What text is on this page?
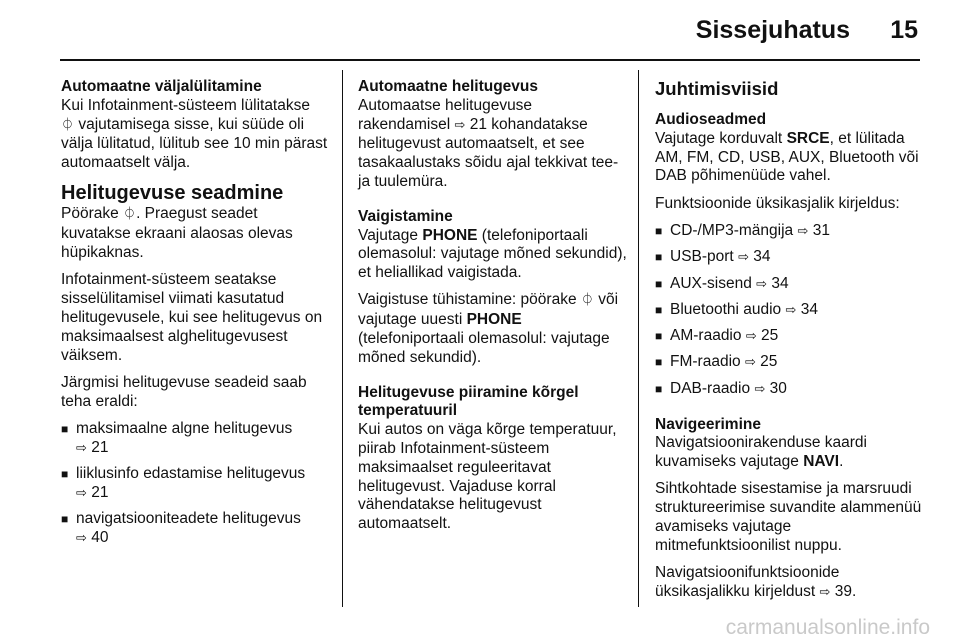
Sissejuhatus 15

Automaatne väljalülitamine

Kui Infotainment-süsteem lülitatakse
⏀ vajutamisega sisse, kui süüde oli välja lülitatud, lülitub see 10 min pärast automaatselt välja.

Helitugevuse seadmine

Pöörake ⏀. Praegust seadet kuvatakse ekraani alaosas olevas hüpikaknas.

Infotainment-süsteem seatakse sisselülitamisel viimati kasutatud helitugevusele, kui see helitugevus on maksimaalsest alghelitugevusest väiksem.

Järgmisi helitugevuse seadeid saab teha eraldi:

■ maksimaalne algne helitugevus
⇨ 21
■ liiklusinfo edastamise helitugevus
⇨ 21
■ navigatsiooniteadete helitugevus
⇨ 40

Automaatne helitugevus

Automaatse helitugevuse rakendamisel ⇨ 21 kohandatakse helitugevust automaatselt, et see tasakaalustaks sõidu ajal tekkivat tee- ja tuulemüra.

Vaigistamine

Vajutage PHONE (telefoniportaali olemasolul: vajutage mõned sekundid), et heliallikad vaigistada.

Vaigistuse tühistamine: pöörake ⏀ või vajutage uuesti PHONE (telefoniportaali olemasolul: vajutage mõned sekundid).

Helitugevuse piiramine kõrgel temperatuuril

Kui autos on väga kõrge temperatuur, piirab Infotainment-süsteem maksimaalset reguleeritavat helitugevust. Vajaduse korral vähendatakse helitugevust automaatselt.

Juhtimisviisid

Audioseadmed

Vajutage korduvalt SRCE, et lülitada AM, FM, CD, USB, AUX, Bluetooth või DAB põhimenüüde vahel.

Funktsioonide üksikasjalik kirjeldus:

■ CD-/MP3-mängija ⇨ 31
■ USB-port ⇨ 34
■ AUX-sisend ⇨ 34
■ Bluetoothi audio ⇨ 34
■ AM-raadio ⇨ 25
■ FM-raadio ⇨ 25
■ DAB-raadio ⇨ 30

Navigeerimine

Navigatsioonirakenduse kaardi kuvamiseks vajutage NAVI.

Sihtkohtade sisestamise ja marsruudi struktureerimise suvandite alammenüü avamiseks vajutage mitmefunktsioonilist nuppu.

Navigatsioonifunktsioonide üksikasjalikku kirjeldust ⇨ 39.

carmanualsonline.info
